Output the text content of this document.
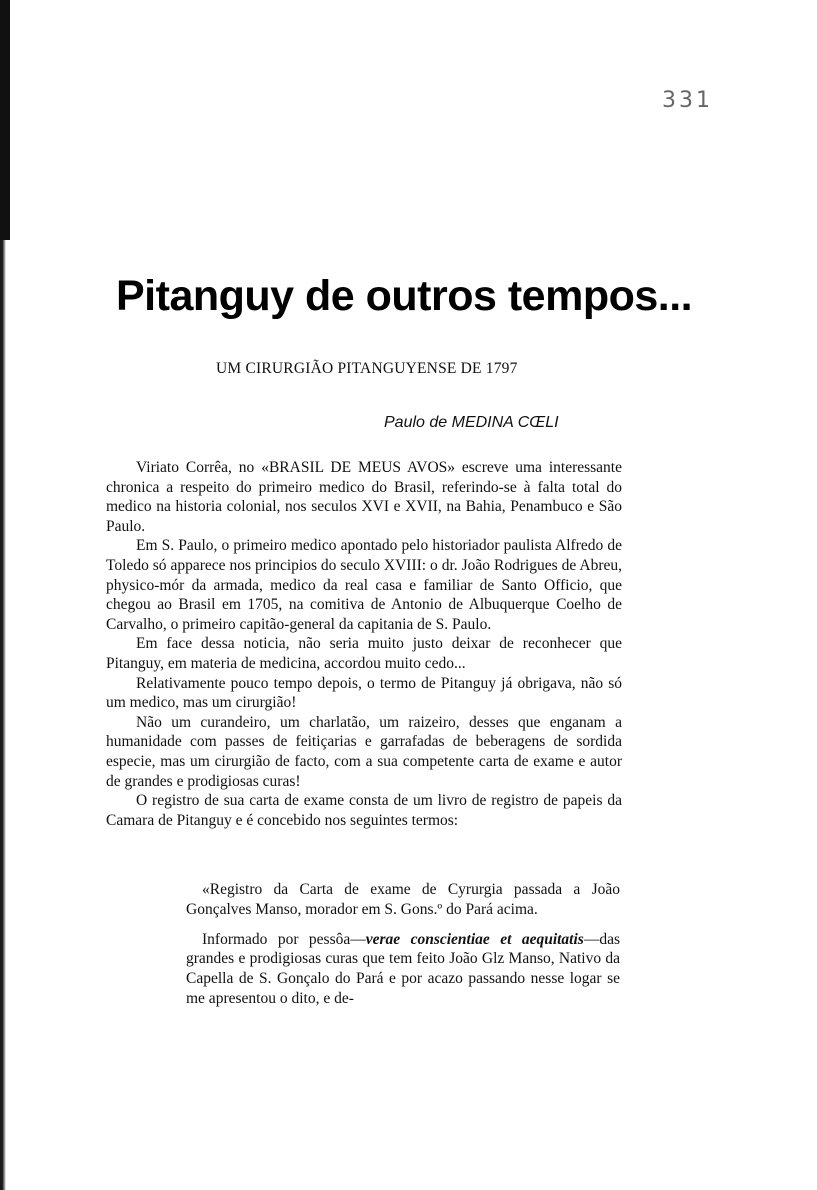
331
Pitanguy de outros tempos...
UM CIRURGIÃO PITANGUYENSE DE 1797
Paulo de MEDINA CŒLI

Viriato Corrêa, no «BRASIL DE MEUS AVOS» escreve uma interessante chronica a respeito do primeiro medico do Brasil, referindo-se à falta total do medico na historia colonial, nos seculos XVI e XVII, na Bahia, Penambuco e São Paulo.

Em S. Paulo, o primeiro medico apontado pelo historiador paulista Alfredo de Toledo só apparece nos principios do seculo XVIII: o dr. João Rodrigues de Abreu, physico-mór da armada, medico da real casa e familiar de Santo Officio, que chegou ao Brasil em 1705, na comitiva de Antonio de Albuquerque Coelho de Carvalho, o primeiro capitão-general da capitania de S. Paulo.

Em face dessa noticia, não seria muito justo deixar de reconhecer que Pitanguy, em materia de medicina, accordou muito cedo...

Relativamente pouco tempo depois, o termo de Pitanguy já obrigava, não só um medico, mas um cirurgião!

Não um curandeiro, um charlatão, um raizeiro, desses que enganam a humanidade com passes de feitiçarias e garrafadas de beberagens de sordida especie, mas um cirurgião de facto, com a sua competente carta de exame e autor de grandes e prodigiosas curas!

O registro de sua carta de exame consta de um livro de registro de papeis da Camara de Pitanguy e é concebido nos seguintes termos:

«Registro da Carta de exame de Cyrurgia passada a João Gonçalves Manso, morador em S. Gons.º do Pará acima.

Informado por pessôa—verae conscientiae et aequitatis—das grandes e prodigiosas curas que tem feito João Glz Manso, Nativo da Capella de S. Gonçalo do Pará e por acazo passando nesse logar se me apresentou o dito, e de-
